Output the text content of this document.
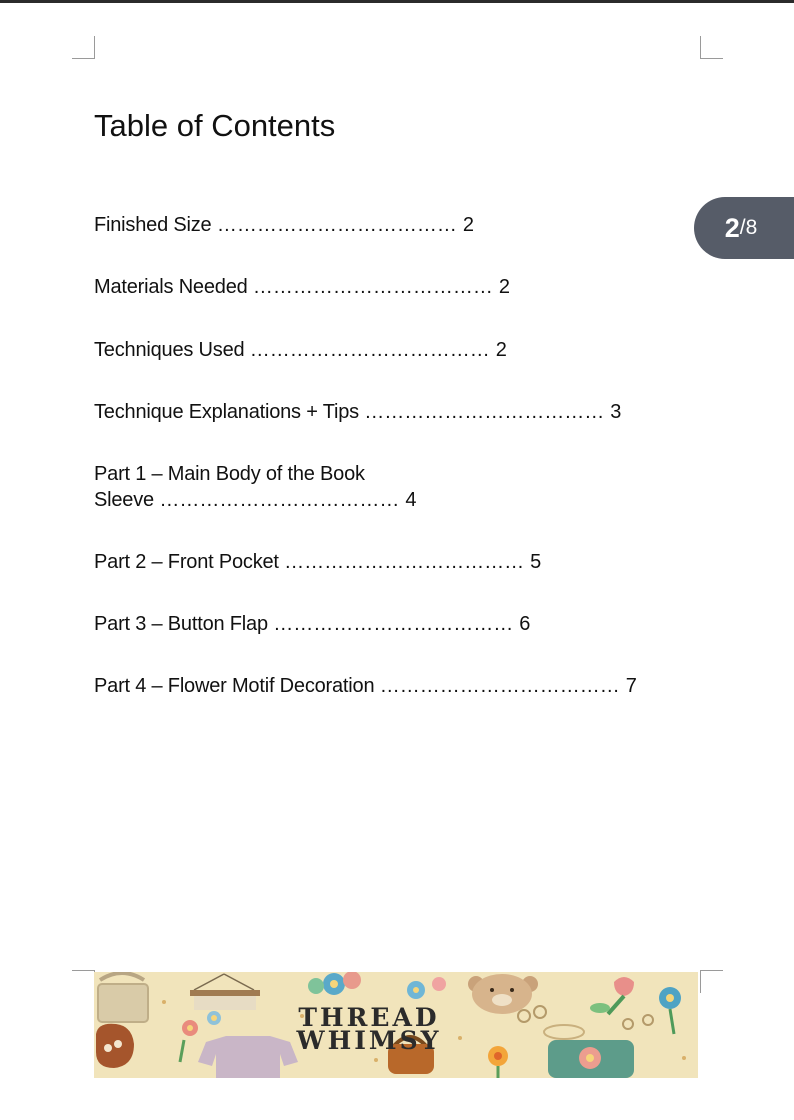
Table of Contents
Finished Size ……………………………… 2
Materials Needed ……………………………… 2
Techniques Used ……………………………… 2
Technique Explanations + Tips ……………………………… 3
Part 1 – Main Body of the Book
Sleeve ……………………………… 4
Part 2 – Front Pocket ……………………………… 5
Part 3 – Button Flap ……………………………… 6
Part 4 – Flower Motif Decoration ……………………………… 7
2 /8
THREAD
WHIMSY
